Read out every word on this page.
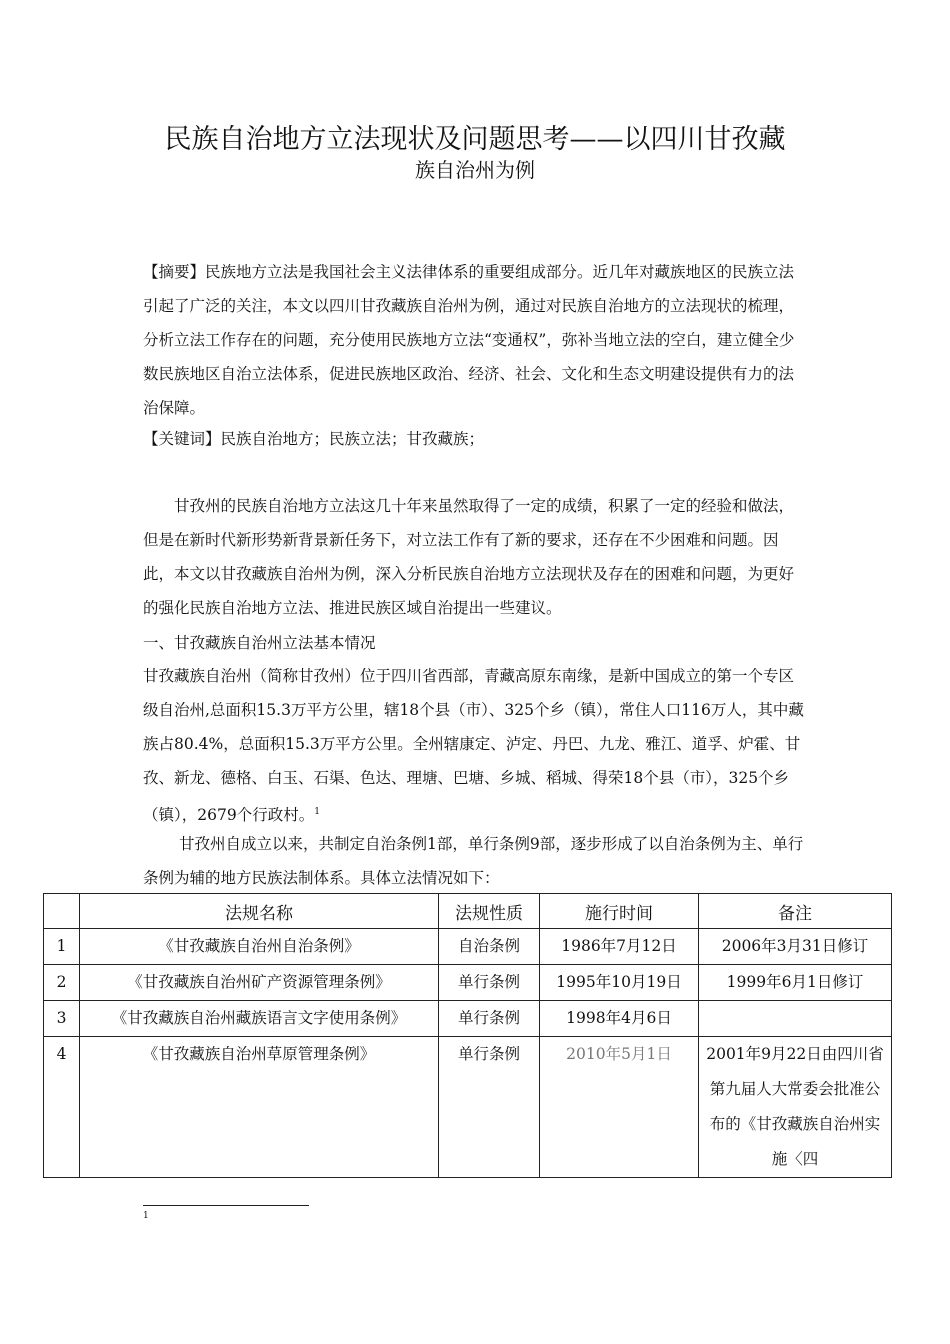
民族自治地方立法现状及问题思考——以四川甘孜藏
族自治州为例
【摘要】民族地方立法是我国社会主义法律体系的重要组成部分。近几年对藏族地区的民族立法引起了广泛的关注，本文以四川甘孜藏族自治州为例，通过对民族自治地方的立法现状的梳理，分析立法工作存在的问题，充分使用民族地方立法“变通权”，弥补当地立法的空白，建立健全少数民族地区自治立法体系，促进民族地区政治、经济、社会、文化和生态文明建设提供有力的法治保障。
【关键词】民族自治地方；民族立法；甘孜藏族；
甘孜州的民族自治地方立法这几十年来虽然取得了一定的成绩，积累了一定的经验和做法，但是在新时代新形势新背景新任务下，对立法工作有了新的要求，还存在不少困难和问题。因此，本文以甘孜藏族自治州为例，深入分析民族自治地方立法现状及存在的困难和问题，为更好的强化民族自治地方立法、推进民族区域自治提出一些建议。
一、甘孜藏族自治州立法基本情况
甘孜藏族自治州（简称甘孜州）位于四川省西部，青藏高原东南缘，是新中国成立的第一个专区级自治州,总面积15.3万平方公里，辖18个县（市）、325个乡（镇），常住人口116万人，其中藏族占80.4%，总面积15.3万平方公里。全州辖康定、泸定、丹巴、九龙、雅江、道孚、炉霍、甘孜、新龙、德格、白玉、石渠、色达、理塘、巴塘、乡城、稻城、得荣18个县（市），325个乡（镇），2679个行政村。$^1$
甘孜州自成立以来，共制定自治条例1部，单行条例9部，逐步形成了以自治条例为主、单行条例为辅的地方民族法制体系。具体立法情况如下：
	法规名称	法规性质	施行时间	备注
1	《甘孜藏族自治州自治条例》	自治条例	1986年7月12日	2006年3月31日修订
2	《甘孜藏族自治州矿产资源管理条例》	单行条例	1995年10月19日	1999年6月1日修订
3	《甘孜藏族自治州藏族语言文字使用条例》	单行条例	1998年4月6日	
4	《甘孜藏族自治州草原管理条例》	单行条例	2010年5月1日	2001年9月22日由四川省第九届人大常委会批准公布的《甘孜藏族自治州实施〈四
1
